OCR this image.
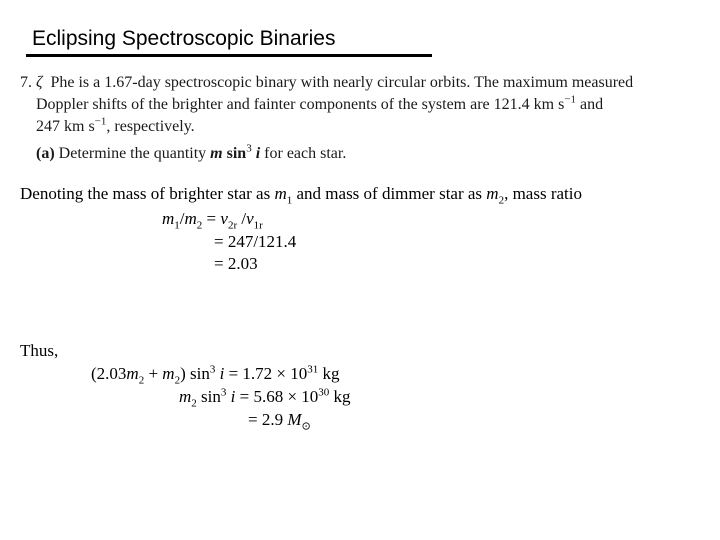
Eclipsing Spectroscopic Binaries
7. ζ Phe is a 1.67-day spectroscopic binary with nearly circular orbits. The maximum measured
Doppler shifts of the brighter and fainter components of the system are 121.4 km $s^{-1}$ and
247 km $s^{-1}$, respectively.
(a) Determine the quantity m $\sin^3 i$ for each star.
Denoting the mass of brighter star as $m_1$ and mass of dimmer star as $m_2$, mass ratio
$m_1/m_2 = v_{2r}$ $/v_{1r}$
= 247/121.4
= 2.03
Thus,
$(2.03m_2 + m_2)$ $\sin^3 i = 1.72 \times 10^{31}$ kg
$m_2$ $\sin^3 i = 5.68 \times 10^{30}$ kg
= 2.9 $M_⊙$
